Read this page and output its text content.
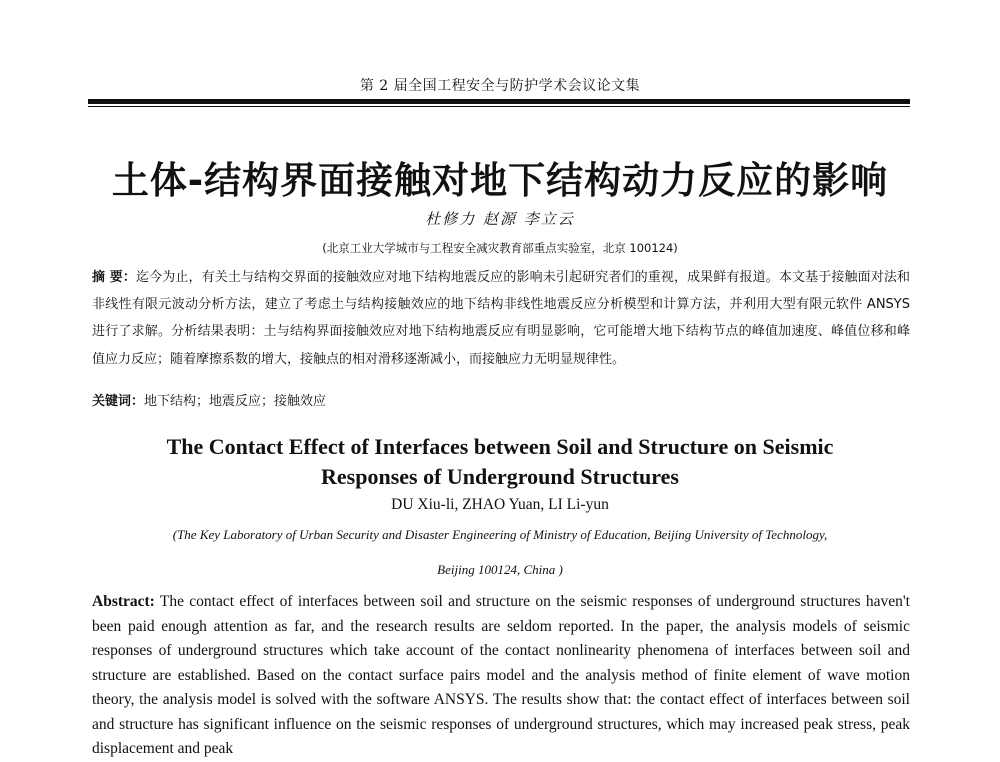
第 2 届全国工程安全与防护学术会议论文集
土体-结构界面接触对地下结构动力反应的影响
杜修力 赵源 李立云
(北京工业大学城市与工程安全减灾教育部重点实验室，北京 100124)
摘 要：迄今为止，有关土与结构交界面的接触效应对地下结构地震反应的影响未引起研究者们的重视，成果鲜有报道。本文基于接触面对法和非线性有限元波动分析方法，建立了考虑土与结构接触效应的地下结构非线性地震反应分析模型和计算方法，并利用大型有限元软件 ANSYS 进行了求解。分析结果表明：土与结构界面接触效应对地下结构地震反应有明显影响，它可能增大地下结构节点的峰值加速度、峰值位移和峰值应力反应；随着摩擦系数的增大，接触点的相对滑移逐渐减小，而接触应力无明显规律性。
关键词：地下结构；地震反应；接触效应
The Contact Effect of Interfaces between Soil and Structure on Seismic
Responses of Underground Structures
DU Xiu-li, ZHAO Yuan, LI Li-yun
(The Key Laboratory of Urban Security and Disaster Engineering of Ministry of Education, Beijing University of Technology,
Beijing 100124, China )
Abstract: The contact effect of interfaces between soil and structure on the seismic responses of underground structures haven't been paid enough attention as far, and the research results are seldom reported. In the paper, the analysis models of seismic responses of underground structures which take account of the contact nonlinearity phenomena of interfaces between soil and structure are established. Based on the contact surface pairs model and the analysis method of finite element of wave motion theory, the analysis model is solved with the software ANSYS. The results show that: the contact effect of interfaces between soil and structure has significant influence on the seismic responses of underground structures, which may increased peak stress, peak displacement and peak
